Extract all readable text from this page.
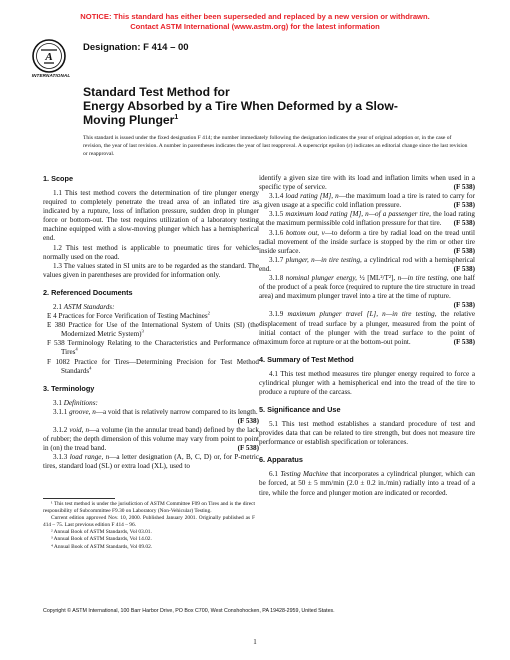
NOTICE: This standard has either been superseded and replaced by a new version or withdrawn.
Contact ASTM International (www.astm.org) for the latest information
A
INTERNATIONAL
Designation: F 414 – 00
Standard Test Method for
Energy Absorbed by a Tire When Deformed by a Slow-
Moving Plunger$^1$
This standard is issued under the fixed designation F 414; the number immediately following the designation indicates the year of original adoption or, in the case of revision, the year of last revision. A number in parentheses indicates the year of last reapproval. A superscript epsilon (ε) indicates an editorial change since the last revision or reapproval.
1. Scope

1.1 This test method covers the determination of tire plunger energy required to completely penetrate the tread area of an inflated tire as indicated by a rupture, loss of inflation pressure, sudden drop in plunger force or bottom-out. The test requires utilization of a laboratory testing machine equipped with a slow-moving plunger which has a hemispherical end.

1.2 This test method is applicable to pneumatic tires for vehicles normally used on the road.

1.3 The values stated in SI units are to be regarded as the standard. The values given in parentheses are provided for information only.

2. Referenced Documents

2.1 ASTM Standards:

E 4 Practices for Force Verification of Testing Machines$^2$

E 380 Practice for Use of the International System of Units (SI) (the Modernized Metric System)$^3$

F 538 Terminology Relating to the Characteristics and Performance of Tires$^4$

F 1082 Practice for Tires—Determining Precision for Test Method Standards$^4$

3. Terminology

3.1 Definitions:

3.1.1 groove, n—a void that is relatively narrow compared to its length.
(F 538)

3.1.2 void, n—a volume (in the annular tread band) defined by the lack of rubber; the depth dimension of this volume may vary from point to point in (on) the tread band.	(F 538)

3.1.3 load range, n—a letter designation (A, B, C, D) or, for P-metric tires, standard load (SL) or extra load (XL), used to

identify a given size tire with its load and inflation limits when used in a specific type of service.	(F 538)

3.1.4 load rating [M], n—the maximum load a tire is rated to carry for a given usage at a specific cold inflation pressure.	(F 538)

3.1.5 maximum load rating [M], n—of a passenger tire, the load rating at the maximum permissible cold inflation pressure for that tire.	(F 538)

3.1.6 bottom out, v—to deform a tire by radial load on the tread until radial movement of the inside surface is stopped by the rim or other tire inside surface.	(F 538)

3.1.7 plunger, n—in tire testing, a cylindrical rod with a hemispherical end.	(F 538)

3.1.8 nominal plunger energy, ½ [ML²/T²], n—in tire testing, one half of the product of a peak force (required to rupture the tire structure in tread area) and maximum plunger travel into a tire at the time of rupture.
(F 538)

3.1.9 maximum plunger travel [L], n—in tire testing, the relative displacement of tread surface by a plunger, measured from the point of initial contact of the plunger with the tread surface to the point of maximum force at rupture or at the bottom-out point.	(F 538)

4. Summary of Test Method

4.1 This test method measures tire plunger energy required to force a cylindrical plunger with a hemispherical end into the tread of the tire to produce a rupture of the carcass.

5. Significance and Use

5.1 This test method establishes a standard procedure of test and provides data that can be related to tire strength, but does not measure tire performance or establish specification or tolerances.

6. Apparatus

6.1 Testing Machine that incorporates a cylindrical plunger, which can be forced, at 50 ± 5 mm/min (2.0 ± 0.2 in./min) radially into a tread of a tire, while the force and plunger motion are indicated or recorded.

¹ This test method is under the jurisdiction of ASTM Committee F09 on Tires and is the direct responsibility of Subcommittee F9.30 on Laboratory (Non-Vehicular) Testing.

Current edition approved Nov. 10, 2000. Published January 2001. Originally published as F 414 – 75. Last previous edition F 414 – 96.

² Annual Book of ASTM Standards, Vol 03.01.

³ Annual Book of ASTM Standards, Vol 14.02.

⁴ Annual Book of ASTM Standards, Vol 09.02.

Copyright © ASTM International, 100 Barr Harbor Drive, PO Box C700, West Conshohocken, PA 19428-2959, United States.
1
